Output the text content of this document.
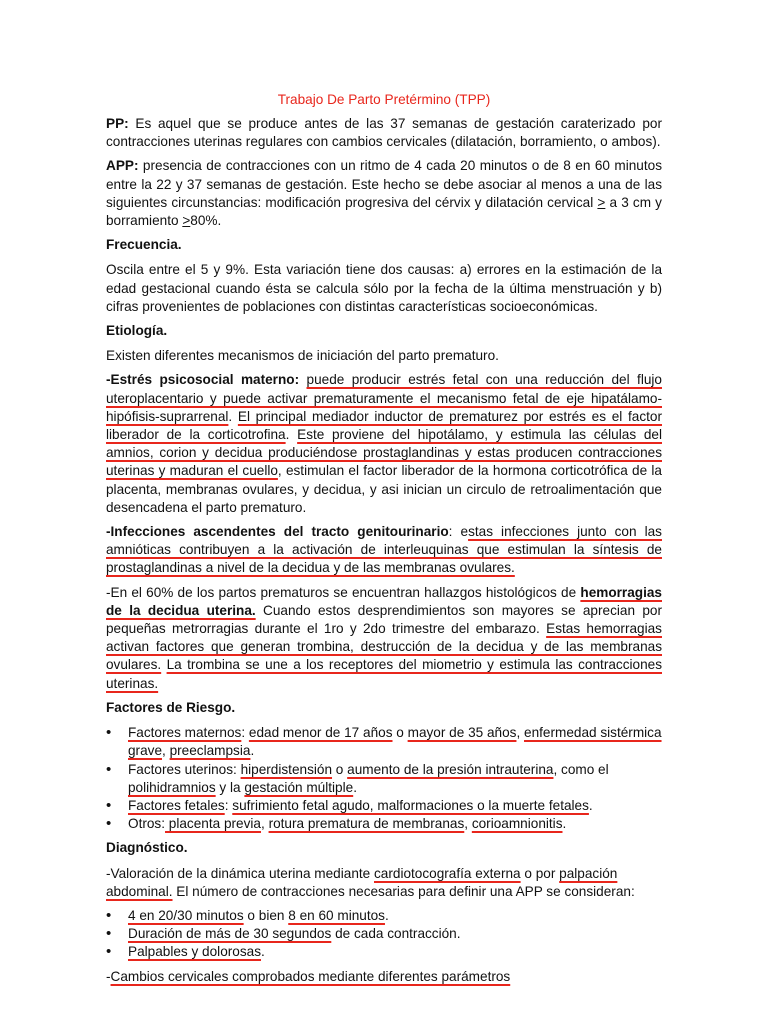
Trabajo De Parto Pretérmino (TPP)

PP: Es aquel que se produce antes de las 37 semanas de gestación caraterizado por contracciones uterinas regulares con cambios cervicales (dilatación, borramiento, o ambos).

APP: presencia de contracciones con un ritmo de 4 cada 20 minutos o de 8 en 60 minutos entre la 22 y 37 semanas de gestación. Este hecho se debe asociar al menos a una de las siguientes circunstancias: modificación progresiva del cérvix y dilatación cervical ≥ a 3 cm y borramiento ≥80%.

Frecuencia.

Oscila entre el 5 y 9%. Esta variación tiene dos causas: a) errores en la estimación de la edad gestacional cuando ésta se calcula sólo por la fecha de la última menstruación y b) cifras provenientes de poblaciones con distintas características socioeconómicas.

Etiología.

Existen diferentes mecanismos de iniciación del parto prematuro.

-Estrés psicosocial materno: puede producir estrés fetal con una reducción del flujo uteroplacentario y puede activar prematuramente el mecanismo fetal de eje hipatálamo-hipófisis-suprarrenal. El principal mediador inductor de prematurez por estrés es el factor liberador de la corticotrofina. Este proviene del hipotálamo, y estimula las células del amnios, corion y decidua produciéndose prostaglandinas y estas producen contracciones uterinas y maduran el cuello, estimulan el factor liberador de la hormona corticotrófica de la placenta, membranas ovulares, y decidua, y asi inician un circulo de retroalimentación que desencadena el parto prematuro.

-Infecciones ascendentes del tracto genitourinario: estas infecciones junto con las amnióticas contribuyen a la activación de interleuquinas que estimulan la síntesis de prostaglandinas a nivel de la decidua y de las membranas ovulares.

-En el 60% de los partos prematuros se encuentran hallazgos histológicos de hemorragias de la decidua uterina. Cuando estos desprendimientos son mayores se aprecian por pequeñas metrorragias durante el 1ro y 2do trimestre del embarazo. Estas hemorragias activan factores que generan trombina, destrucción de la decidua y de las membranas ovulares. La trombina se une a los receptores del miometrio y estimula las contracciones uterinas.

Factores de Riesgo.
• Factores maternos: edad menor de 17 años o mayor de 35 años, enfermedad sistérmica grave, preeclampsia.
• Factores uterinos: hiperdistensión o aumento de la presión intrauterina, como el polihidramnios y la gestación múltiple.
• Factores fetales: sufrimiento fetal agudo, malformaciones o la muerte fetales.
• Otros: placenta previa, rotura prematura de membranas, corioamnionitis.
Diagnóstico.

-Valoración de la dinámica uterina mediante cardiotocografía externa o por palpación abdominal. El número de contracciones necesarias para definir una APP se consideran:

• 4 en 20/30 minutos o bien 8 en 60 minutos.
• Duración de más de 30 segundos de cada contracción.
• Palpables y dolorosas.

-Cambios cervicales comprobados mediante diferentes parámetros
